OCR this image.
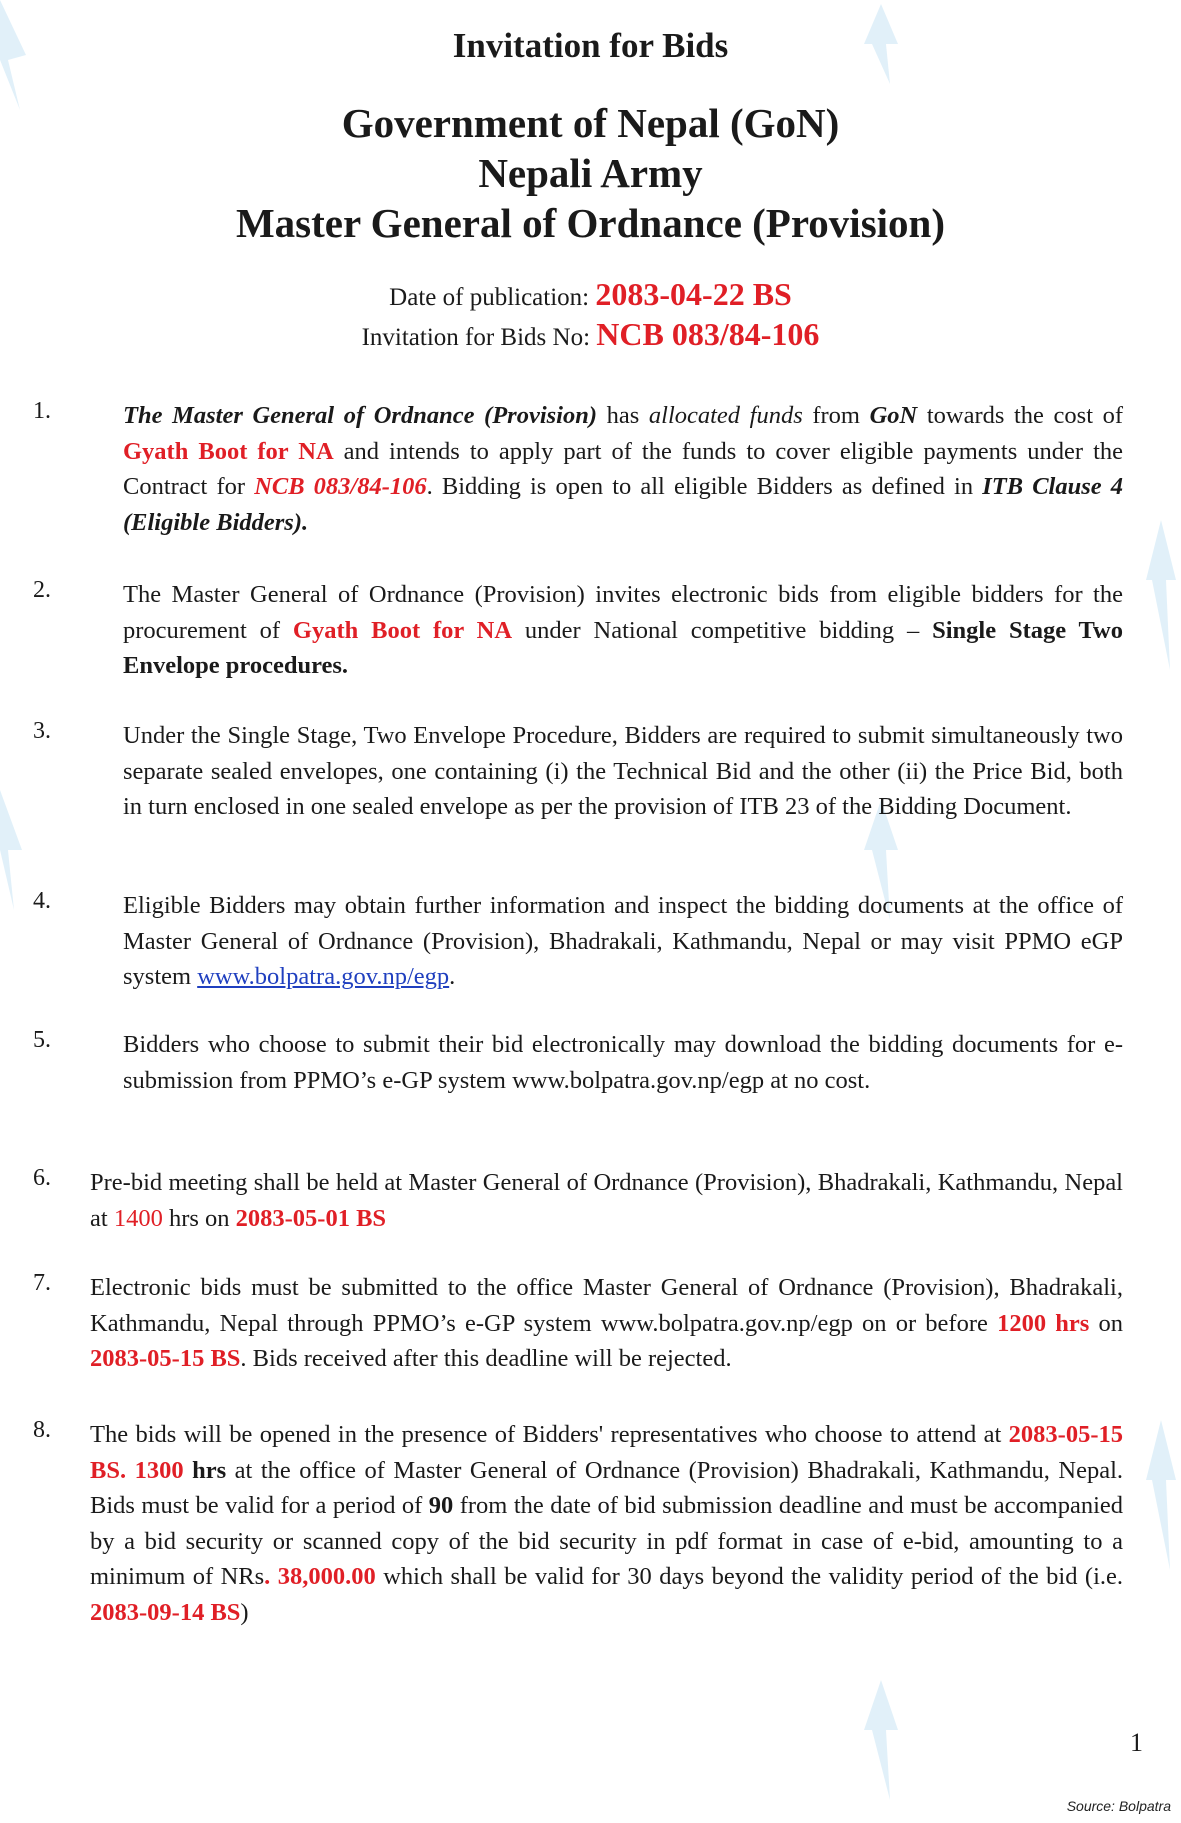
Invitation for Bids
Government of Nepal (GoN)
Nepali Army
Master General of Ordnance (Provision)
Date of publication: 2083-04-22 BS
Invitation for Bids No: NCB 083/84-106
1.	The Master General of Ordnance (Provision) has allocated funds from GoN towards the cost of Gyath Boot for NA and intends to apply part of the funds to cover eligible payments under the Contract for NCB 083/84-106. Bidding is open to all eligible Bidders as defined in ITB Clause 4 (Eligible Bidders).
2.	The Master General of Ordnance (Provision) invites electronic bids from eligible bidders for the procurement of Gyath Boot for NA under National competitive bidding – Single Stage Two Envelope procedures.
3.	Under the Single Stage, Two Envelope Procedure, Bidders are required to submit simultaneously two separate sealed envelopes, one containing (i) the Technical Bid and the other (ii) the Price Bid, both in turn enclosed in one sealed envelope as per the provision of ITB 23 of the Bidding Document.
4.	Eligible Bidders may obtain further information and inspect the bidding documents at the office of Master General of Ordnance (Provision), Bhadrakali, Kathmandu, Nepal or may visit PPMO eGP system www.bolpatra.gov.np/egp.
5.	Bidders who choose to submit their bid electronically may download the bidding documents for e-submission from PPMO’s e-GP system www.bolpatra.gov.np/egp at no cost.
6. Pre-bid meeting shall be held at Master General of Ordnance (Provision), Bhadrakali, Kathmandu, Nepal at 1400 hrs on 2083-05-01 BS
7. Electronic bids must be submitted to the office Master General of Ordnance (Provision), Bhadrakali, Kathmandu, Nepal through PPMO’s e-GP system www.bolpatra.gov.np/egp on or before 1200 hrs on 2083-05-15 BS. Bids received after this deadline will be rejected.
8. The bids will be opened in the presence of Bidders' representatives who choose to attend at 2083-05-15 BS. 1300 hrs at the office of Master General of Ordnance (Provision) Bhadrakali, Kathmandu, Nepal. Bids must be valid for a period of 90 from the date of bid submission deadline and must be accompanied by a bid security or scanned copy of the bid security in pdf format in case of e-bid, amounting to a minimum of NRs. 38,000.00 which shall be valid for 30 days beyond the validity period of the bid (i.e. 2083-09-14 BS)
1
Source: Bolpatra
